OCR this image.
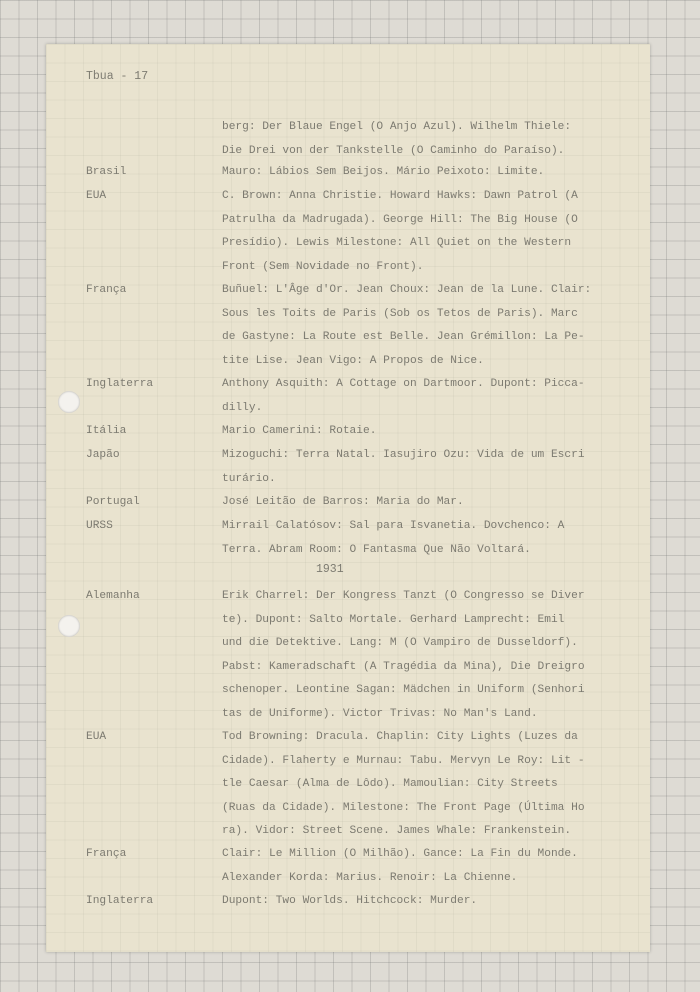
Tbua - 17
berg: Der Blaue Engel (O Anjo Azul). Wilhelm Thiele:
Die Drei von der Tankstelle (O Caminho do Paraíso).
Brasil	Mauro: Lábios Sem Beijos. Mário Peixoto: Limite.
EUA	C. Brown: Anna Christie. Howard Hawks: Dawn Patrol (A
Patrulha da Madrugada). George Hill: The Big House (O
Presídio). Lewis Milestone: All Quiet on the Western
Front (Sem Novidade no Front).
França	Buñuel: L'Âge d'Or. Jean Choux: Jean de la Lune. Clair:
Sous les Toits de Paris (Sob os Tetos de Paris). Marc
de Gastyne: La Route est Belle. Jean Grémillon: La Pe-
tite Lise. Jean Vigo: A Propos de Nice.
Inglaterra	Anthony Asquith: A Cottage on Dartmoor. Dupont: Picca-
dilly.
Itália	Mario Camerini: Rotaie.
Japão	Mizoguchi: Terra Natal. Iasujiro Ozu: Vida de um Escri
turário.
Portugal	José Leitão de Barros: Maria do Mar.
URSS	Mirrail Calatósov: Sal para Isvanetia. Dovchenco: A
Terra. Abram Room: O Fantasma Que Não Voltará.
1931
Alemanha	Erik Charrel: Der Kongress Tanzt (O Congresso se Diver
te). Dupont: Salto Mortale. Gerhard Lamprecht: Emil
und die Detektive. Lang: M (O Vampiro de Dusseldorf).
Pabst: Kameradschaft (A Tragédia da Mina), Die Dreigro
schenoper. Leontine Sagan: Mädchen in Uniform (Senhori
tas de Uniforme). Victor Trivas: No Man's Land.
EUA	Tod Browning: Dracula. Chaplin: City Lights (Luzes da
Cidade). Flaherty e Murnau: Tabu. Mervyn Le Roy: Lit -
tle Caesar (Alma de Lôdo). Mamoulian: City Streets
(Ruas da Cidade). Milestone: The Front Page (Última Ho
ra). Vidor: Street Scene. James Whale: Frankenstein.
França	Clair: Le Million (O Milhão). Gance: La Fin du Monde.
Alexander Korda: Marius. Renoir: La Chienne.
Inglaterra	Dupont: Two Worlds. Hitchcock: Murder.
